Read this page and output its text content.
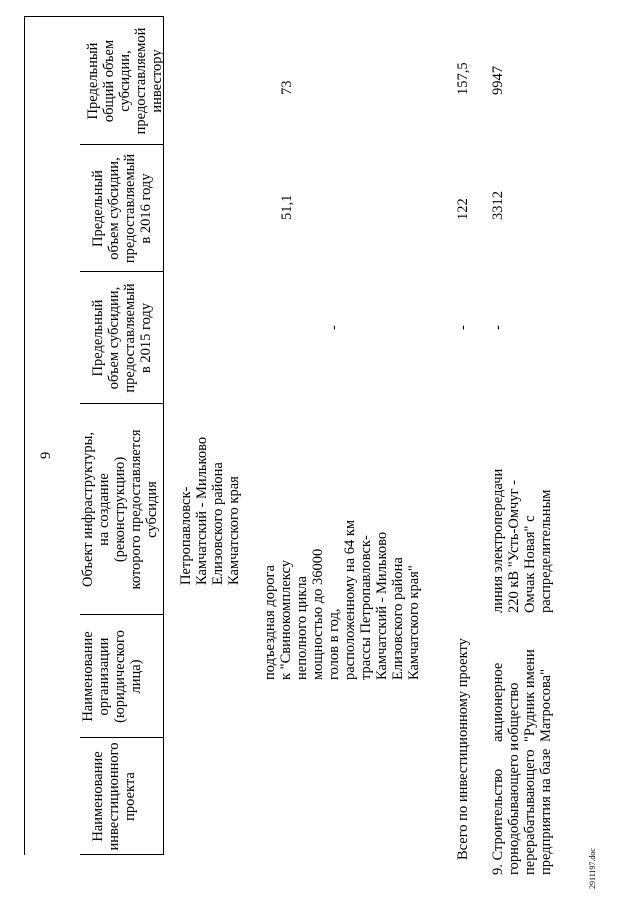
9
Наименование инвестиционного проекта
Наименование организации (юридического лица)
Объект инфраструктуры, на создание (реконструкцию) которого предоставляется субсидия
Предельный объем субсидии, предоставляемый в 2015 году
Предельный объем субсидии, предоставляемый в 2016 году
Предельный общий объем субсидии, предоставляемой инвестору
Петропавловск- Камчатский - Мильково Елизовского района Камчатского края
подъездная дорога к "Свинокомплексу неполного цикла мощностью до 36000 голов в год, расположенному на 64 км трассы Петропавловск- Камчатский - Мильково Елизовского района Камчатского края"
-
51,1
73
Всего по инвестиционному проекту
-
122
157,5
9. Строительство горнодобывающего и перерабатывающего предприятия на базе
акционерное общество "Рудник имени Матросова"
линия электропередачи 220 кВ "Усть-Омчуг - Омчак Новая" с распределительным
-
3312
9947
2911197.doc
